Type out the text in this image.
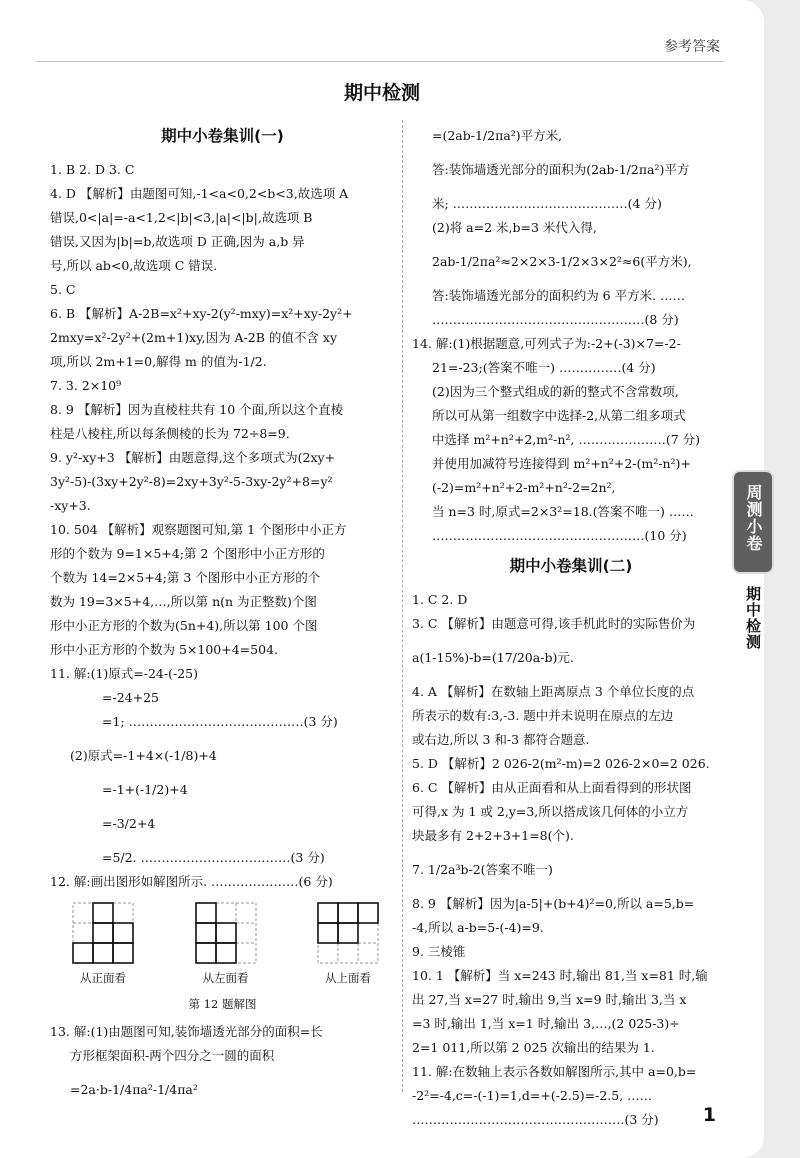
参考答案
期中检测
期中小卷集训(一)

1. B 2. D 3. C

4. D 【解析】由题图可知,-1<a<0,2<b<3,故选项 A

错误,0<|a|=-a<1,2<|b|<3,|a|<|b|,故选项 B

错误,又因为|b|=b,故选项 D 正确,因为 a,b 异

号,所以 ab<0,故选项 C 错误.

5. C

6. B 【解析】A-2B=x²+xy-2(y²-mxy)=x²+xy-2y²+

2mxy=x²-2y²+(2m+1)xy,因为 A-2B 的值不含 xy

项,所以 2m+1=0,解得 m 的值为-1/2.

7. 3. 2×10⁹

8. 9 【解析】因为直棱柱共有 10 个面,所以这个直棱

柱是八棱柱,所以每条侧棱的长为 72÷8=9.

9. y²-xy+3 【解析】由题意得,这个多项式为(2xy+

3y²-5)-(3xy+2y²-8)=2xy+3y²-5-3xy-2y²+8=y²

-xy+3.

10. 504 【解析】观察题图可知,第 1 个图形中小正方

形的个数为 9=1×5+4;第 2 个图形中小正方形的

个数为 14=2×5+4;第 3 个图形中小正方形的个

数为 19=3×5+4,…,所以第 n(n 为正整数)个图

形中小正方形的个数为(5n+4),所以第 100 个图

形中小正方形的个数为 5×100+4=504.

11. 解:(1)原式=-24-(-25)

=-24+25

=1; ……………………………………(3 分)

(2)原式=-1+4×(-1/8)+4

=-1+(-1/2)+4

=-3/2+4

=5/2. ………………………………(3 分)

12. 解:画出图形如解图所示. …………………(6 分)

从正面看	从左面看	从上面看
第 12 题解图

13. 解:(1)由题图可知,装饰墙透光部分的面积=长

方形框架面积-两个四分之一圆的面积

=2a·b-1/4πa²-1/4πa²

=(2ab-1/2πa²)平方米,

答:装饰墙透光部分的面积为(2ab-1/2πa²)平方

米; ……………………………………(4 分)

(2)将 a=2 米,b=3 米代入得,

2ab-1/2πa²≈2×2×3-1/2×3×2²≈6(平方米),

答:装饰墙透光部分的面积约为 6 平方米. ……

……………………………………………(8 分)

14. 解:(1)根据题意,可列式子为:-2+(-3)×7=-2-

21=-23;(答案不唯一) ……………(4 分)

(2)因为三个整式组成的新的整式不含常数项,

所以可从第一组数字中选择-2,从第二组多项式

中选择 m²+n²+2,m²-n², …………………(7 分)

并使用加减符号连接得到 m²+n²+2-(m²-n²)+

(-2)=m²+n²+2-m²+n²-2=2n²,

当 n=3 时,原式=2×3²=18.(答案不唯一) ……

……………………………………………(10 分)

期中小卷集训(二)

1. C 2. D

3. C 【解析】由题意可得,该手机此时的实际售价为

a(1-15%)-b=(17/20a-b)元.

4. A 【解析】在数轴上距离原点 3 个单位长度的点

所表示的数有:3,-3. 题中并未说明在原点的左边

或右边,所以 3 和-3 都符合题意.

5. D 【解析】2 026-2(m²-m)=2 026-2×0=2 026.

6. C 【解析】由从正面看和从上面看得到的形状图

可得,x 为 1 或 2,y=3,所以搭成该几何体的小立方

块最多有 2+2+3+1=8(个).

7. 1/2a³b-2(答案不唯一)

8. 9 【解析】因为|a-5|+(b+4)²=0,所以 a=5,b=

-4,所以 a-b=5-(-4)=9.

9. 三棱锥

10. 1 【解析】当 x=243 时,输出 81,当 x=81 时,输

出 27,当 x=27 时,输出 9,当 x=9 时,输出 3,当 x

=3 时,输出 1,当 x=1 时,输出 3,…,(2 025-3)÷

2=1 011,所以第 2 025 次输出的结果为 1.

11. 解:在数轴上表示各数如解图所示,其中 a=0,b=

-2²=-4,c=-(-1)=1,d=+(-2.5)=-2.5, ……

……………………………………………(3 分)	1
周测小卷
期中检测
